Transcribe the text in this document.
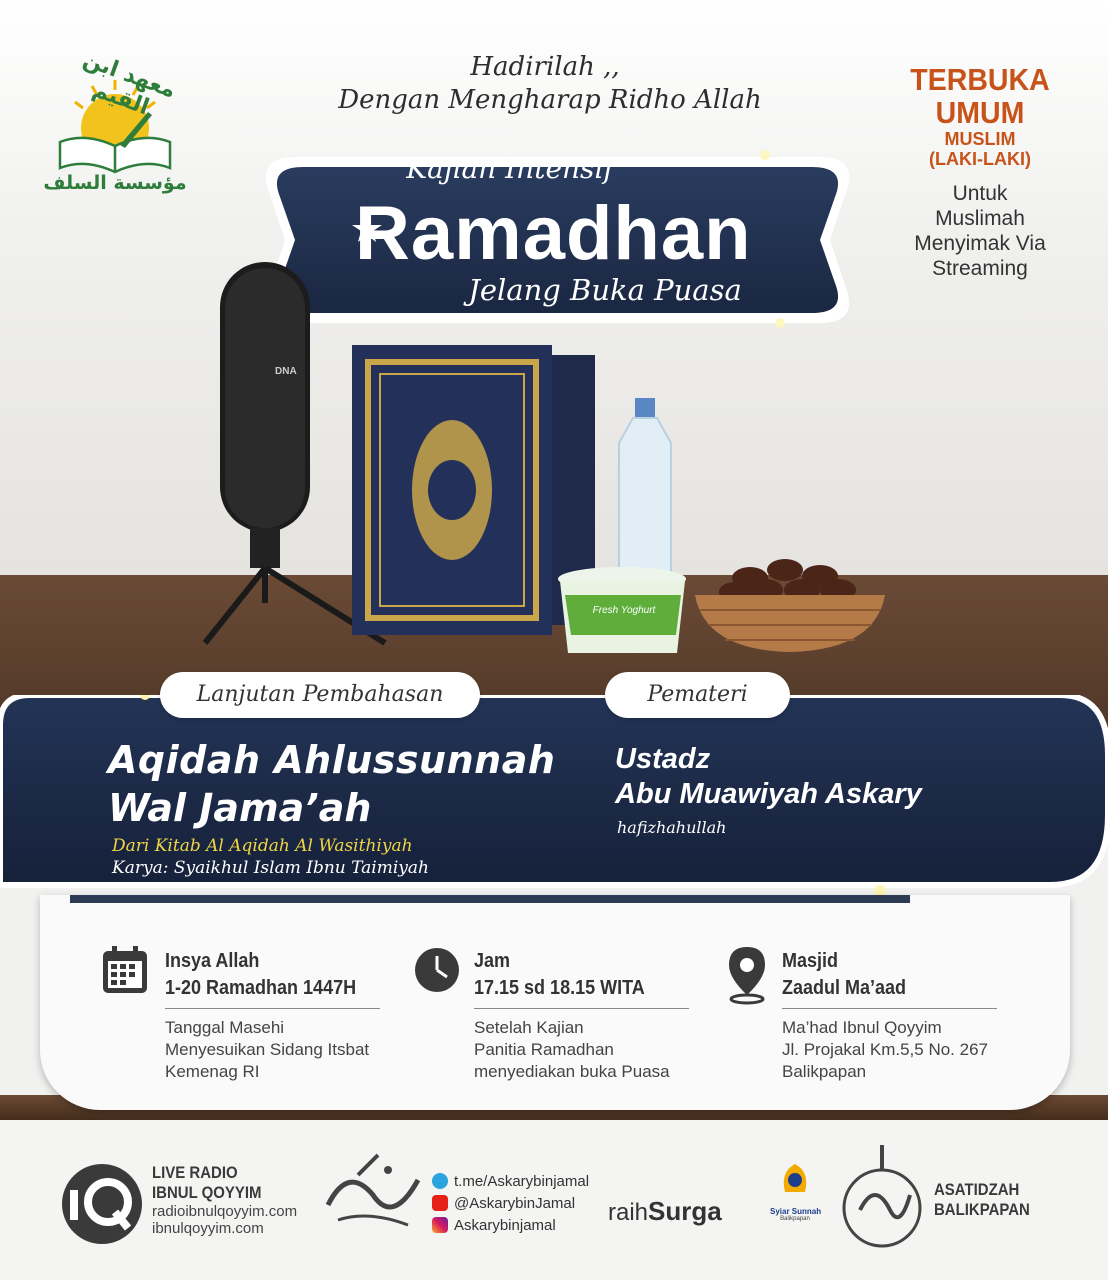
Hadirilah ,,
Dengan Mengharap Ridho Allah
معهد ابن القيم
مؤسسة السلف
TERBUKA
UMUM
MUSLIM
(LAKI-LAKI)
Untuk
Muslimah
Menyimak Via
Streaming
Kajian Intensif
Ramadhan
Jelang Buka Puasa
DNA
Fresh Yoghurt
Lanjutan Pembahasan	Pemateri
Aqidah Ahlussunnah
Wal Jama’ah
Dari Kitab Al Aqidah Al Wasithiyah
Karya: Syaikhul Islam Ibnu Taimiyah
Ustadz
Abu Muawiyah Askary
hafizhahullah
Insya Allah
1-20 Ramadhan 1447H
Tanggal Masehi
Menyesuikan Sidang Itsbat
Kemenag RI
Jam
17.15 sd 18.15 WITA
Setelah Kajian
Panitia Ramadhan
menyediakan buka Puasa
Masjid
Zaadul Ma’aad
Ma’had Ibnul Qoyyim
Jl. Projakal Km.5,5 No. 267
Balikpapan
LIVE RADIO
IBNUL QOYYIM
radioibnulqoyyim.com
ibnulqoyyim.com
t.me/Askarybinjamal
@AskarybinJamal
Askarybinjamal raihSurga	Syiar Sunnah
Balikpapan
ASATIDZAH
BALIKPAPAN
